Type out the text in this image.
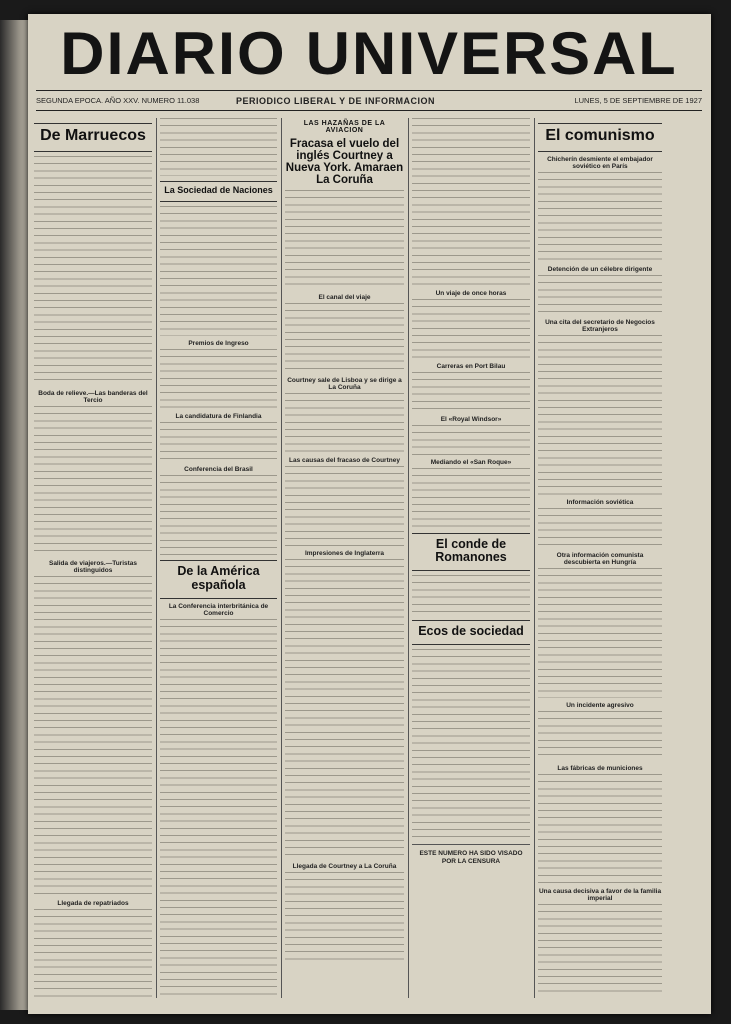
DIARIO UNIVERSAL
SEGUNDA EPOCA. AÑO XXV. NUMERO 11.038	PERIODICO LIBERAL Y DE INFORMACION	LUNES, 5 DE SEPTIEMBRE DE 1927
De Marruecos
Boda de relieve.—Las banderas del Tercio
Salida de viajeros.—Turistas distinguidos
Llegada de repatriados
La Sociedad de Naciones
Premios de Ingreso
La candidatura de Finlandia
Conferencia del Brasil
De la América española
La Conferencia interbritánica de Comercio
LAS HAZAÑAS DE LA AVIACION
Fracasa el vuelo del inglés Courtney a Nueva York. Amaraen La Coruña
El canal del viaje
Courtney sale de Lisboa y se dirige a La Coruña
Las causas del fracaso de Courtney
Impresiones de Inglaterra
Llegada de Courtney a La Coruña
Un viaje de once horas
Carreras en Port Bilau
El «Royal Windsor»
Mediando el «San Roque»
El conde de Romanones
Ecos de sociedad
ESTE NUMERO HA SIDO VISADO POR LA CENSURA
El comunismo
Chicherín desmiente el embajador soviético en París
Detención de un célebre dirigente
Una cita del secretario de Negocios Extranjeros
Información soviética
Otra información comunista descubierta en Hungría
Un incidente agresivo
Las fábricas de municiones
Una causa decisiva a favor de la familia imperial
